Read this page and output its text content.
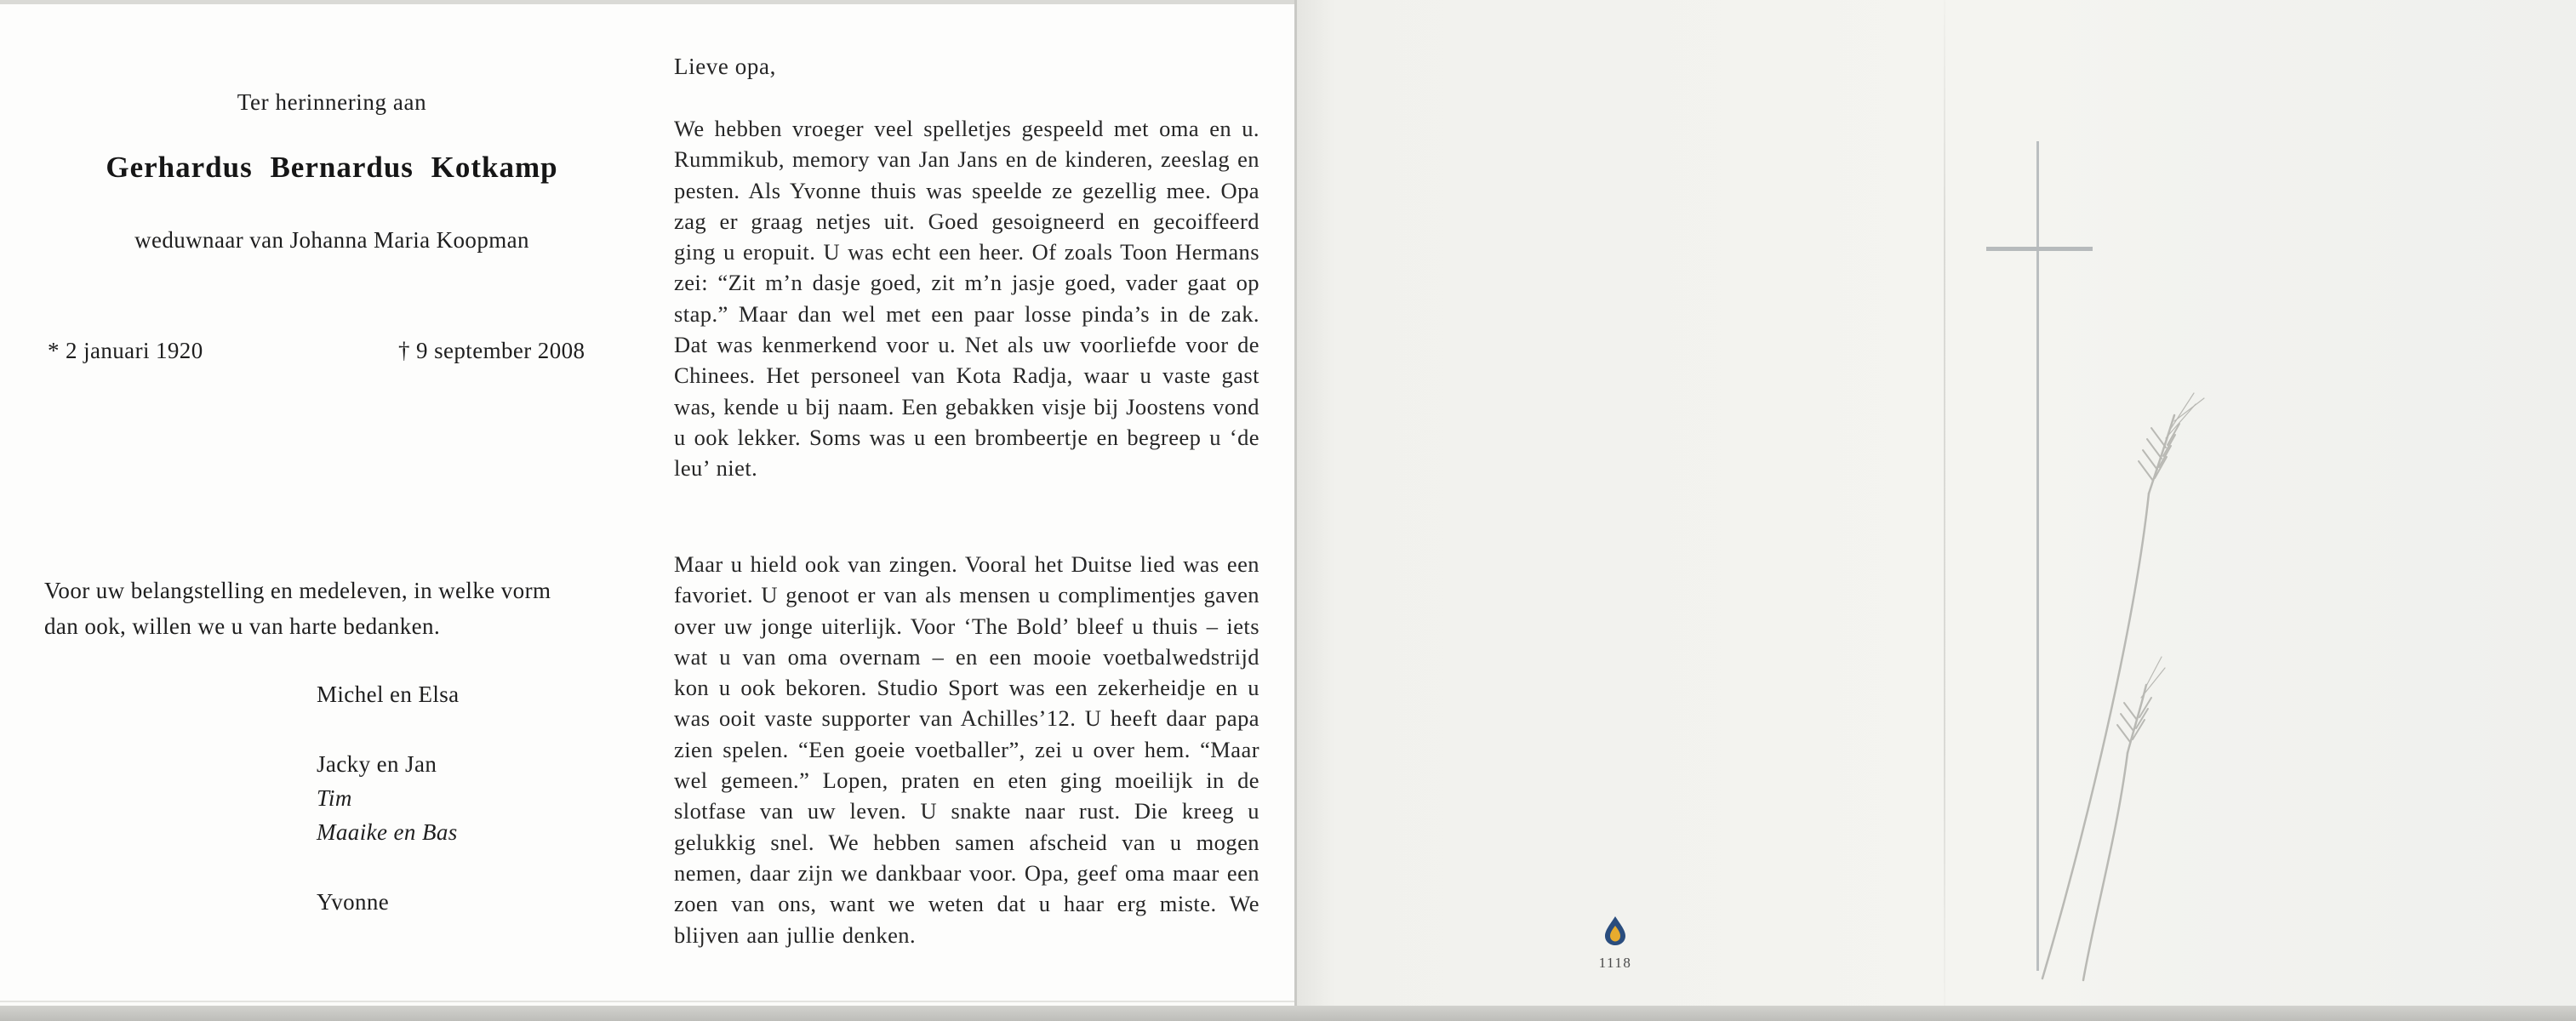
Ter herinnering aan
Gerhardus Bernardus Kotkamp
weduwnaar van Johanna Maria Koopman
* 2 januari 1920	† 9 september 2008
Voor uw belangstelling en medeleven, in welke vorm
dan ook, willen we u van harte bedanken.
Michel en Elsa
Jacky en Jan
Tim
Maaike en Bas
Yvonne
Lieve opa,

We hebben vroeger veel spelletjes gespeeld met oma en u. Rummikub, memory van Jan Jans en de kinderen, zeeslag en pesten. Als Yvonne thuis was speelde ze gezellig mee. Opa zag er graag netjes uit. Goed gesoigneerd en gecoiffeerd ging u eropuit. U was echt een heer. Of zoals Toon Hermans zei: “Zit m’n dasje goed, zit m’n jasje goed, vader gaat op stap.” Maar dan wel met een paar losse pinda’s in de zak. Dat was kenmerkend voor u. Net als uw voorliefde voor de Chinees. Het personeel van Kota Radja, waar u vaste gast was, kende u bij naam. Een gebakken visje bij Joostens vond u ook lekker. Soms was u een brombeertje en begreep u ‘de leu’ niet.

Maar u hield ook van zingen. Vooral het Duitse lied was een favoriet. U genoot er van als mensen u complimentjes gaven over uw jonge uiterlijk. Voor ‘The Bold’ bleef u thuis – iets wat u van oma overnam – en een mooie voetbalwedstrijd kon u ook bekoren. Studio Sport was een zekerheidje en u was ooit vaste supporter van Achilles’12. U heeft daar papa zien spelen. “Een goeie voetballer”, zei u over hem. “Maar wel gemeen.” Lopen, praten en eten ging moeilijk in de slotfase van uw leven. U snakte naar rust. Die kreeg u gelukkig snel. We hebben samen afscheid van u mogen nemen, daar zijn we dankbaar voor. Opa, geef oma maar een zoen van ons, want we weten dat u haar erg miste. We blijven aan jullie denken.

1118
